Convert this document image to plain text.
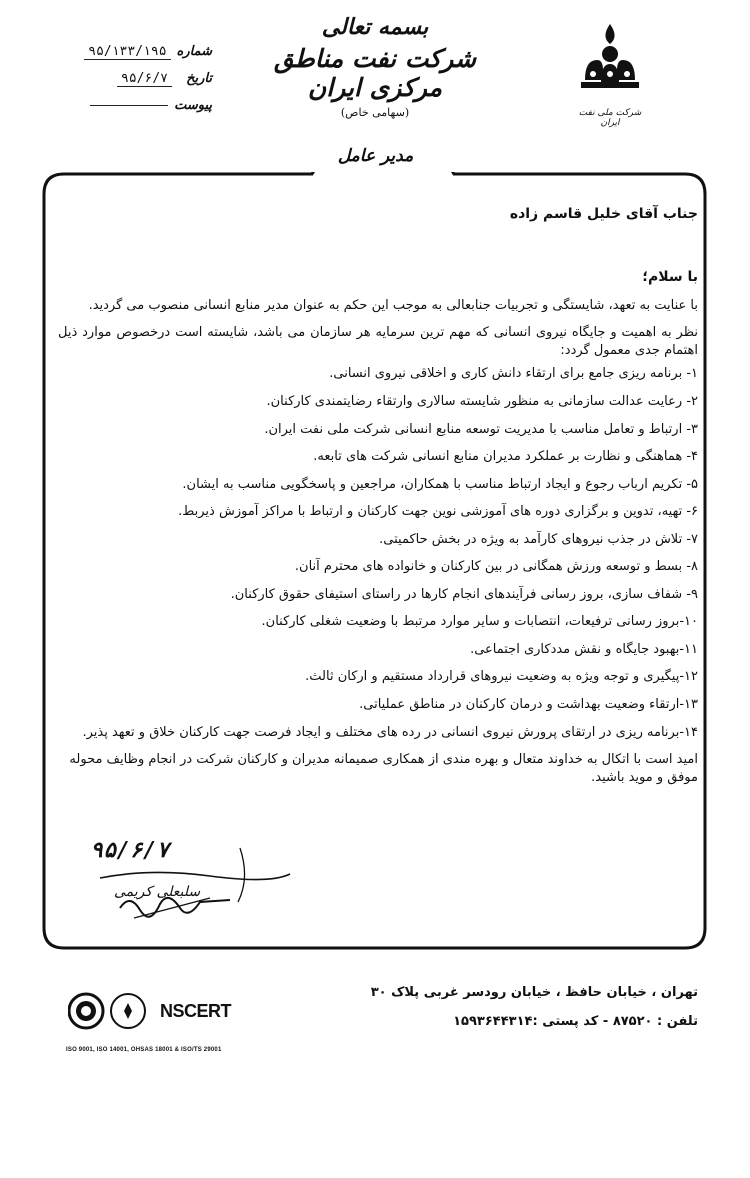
شماره
۹۵/۱۳۳/۱۹۵
تاریخ
۹۵/۶/۷
پیوست
بسمه تعالی
شرکت نفت مناطق مرکزی ایران
(سهامی خاص)	شرکت ملی نفت ایران
مدیر عامل
جناب آقای خلیل قاسم زاده
با سلام؛
با عنایت به تعهد، شایستگی و تجربیات جنابعالی به موجب این حکم به عنوان مدیر منابع انسانی منصوب می گردید.
نظر به اهمیت و جایگاه نیروی انسانی که مهم ترین سرمایه هر سازمان می باشد، شایسته است درخصوص موارد ذیل اهتمام جدی معمول گردد:
۱- برنامه ریزی جامع برای ارتقاء دانش کاری و اخلاقی نیروی انسانی.
۲- رعایت عدالت سازمانی به منظور شایسته سالاری وارتقاء رضایتمندی کارکنان.
۳- ارتباط و تعامل مناسب با مدیریت توسعه منابع انسانی شرکت ملی نفت ایران.
۴- هماهنگی و نظارت بر عملکرد مدیران منابع انسانی شرکت های تابعه.
۵- تکریم ارباب رجوع و ایجاد ارتباط مناسب با همکاران، مراجعین و پاسخگویی مناسب به ایشان.
۶- تهیه، تدوین و برگزاری دوره های آموزشی نوین جهت کارکنان و ارتباط با مراکز آموزش ذیربط.
۷- تلاش در جذب نیروهای کارآمد به ویژه در بخش حاکمیتی.
۸- بسط و توسعه ورزش همگانی در بین کارکنان و خانواده های محترم آنان.
۹- شفاف سازی، بروز رسانی فرآیندهای انجام کارها در راستای استیفای حقوق کارکنان.
۱۰-بروز رسانی ترفیعات، انتصابات و سایر موارد مرتبط با وضعیت شغلی کارکنان.
۱۱-بهبود جایگاه و نقش مددکاری اجتماعی.
۱۲-پیگیری و توجه ویژه به وضعیت نیروهای قرارداد مستقیم و ارکان ثالث.
۱۳-ارتقاء وضعیت بهداشت و درمان کارکنان در مناطق عملیاتی.
۱۴-برنامه ریزی در ارتقای پرورش نیروی انسانی در رده های مختلف و ایجاد فرصت جهت کارکنان خلاق و تعهد پذیر.
امید است با اتکال به خداوند متعال و بهره مندی از همکاری صمیمانه مدیران و کارکنان شرکت در انجام وظایف محوله موفق و موید باشید.
۹۵/۶/۷
سلبعلی کریمی
تهران ، خیابان حافظ ، خیابان رودسر غربی پلاک ۳۰
تلفن : ۸۷۵۲۰ - کد پستی :۱۵۹۳۶۴۴۳۱۴
NSCERT
ISO 9001, ISO 14001, OHSAS 18001 & ISO/TS 29001
